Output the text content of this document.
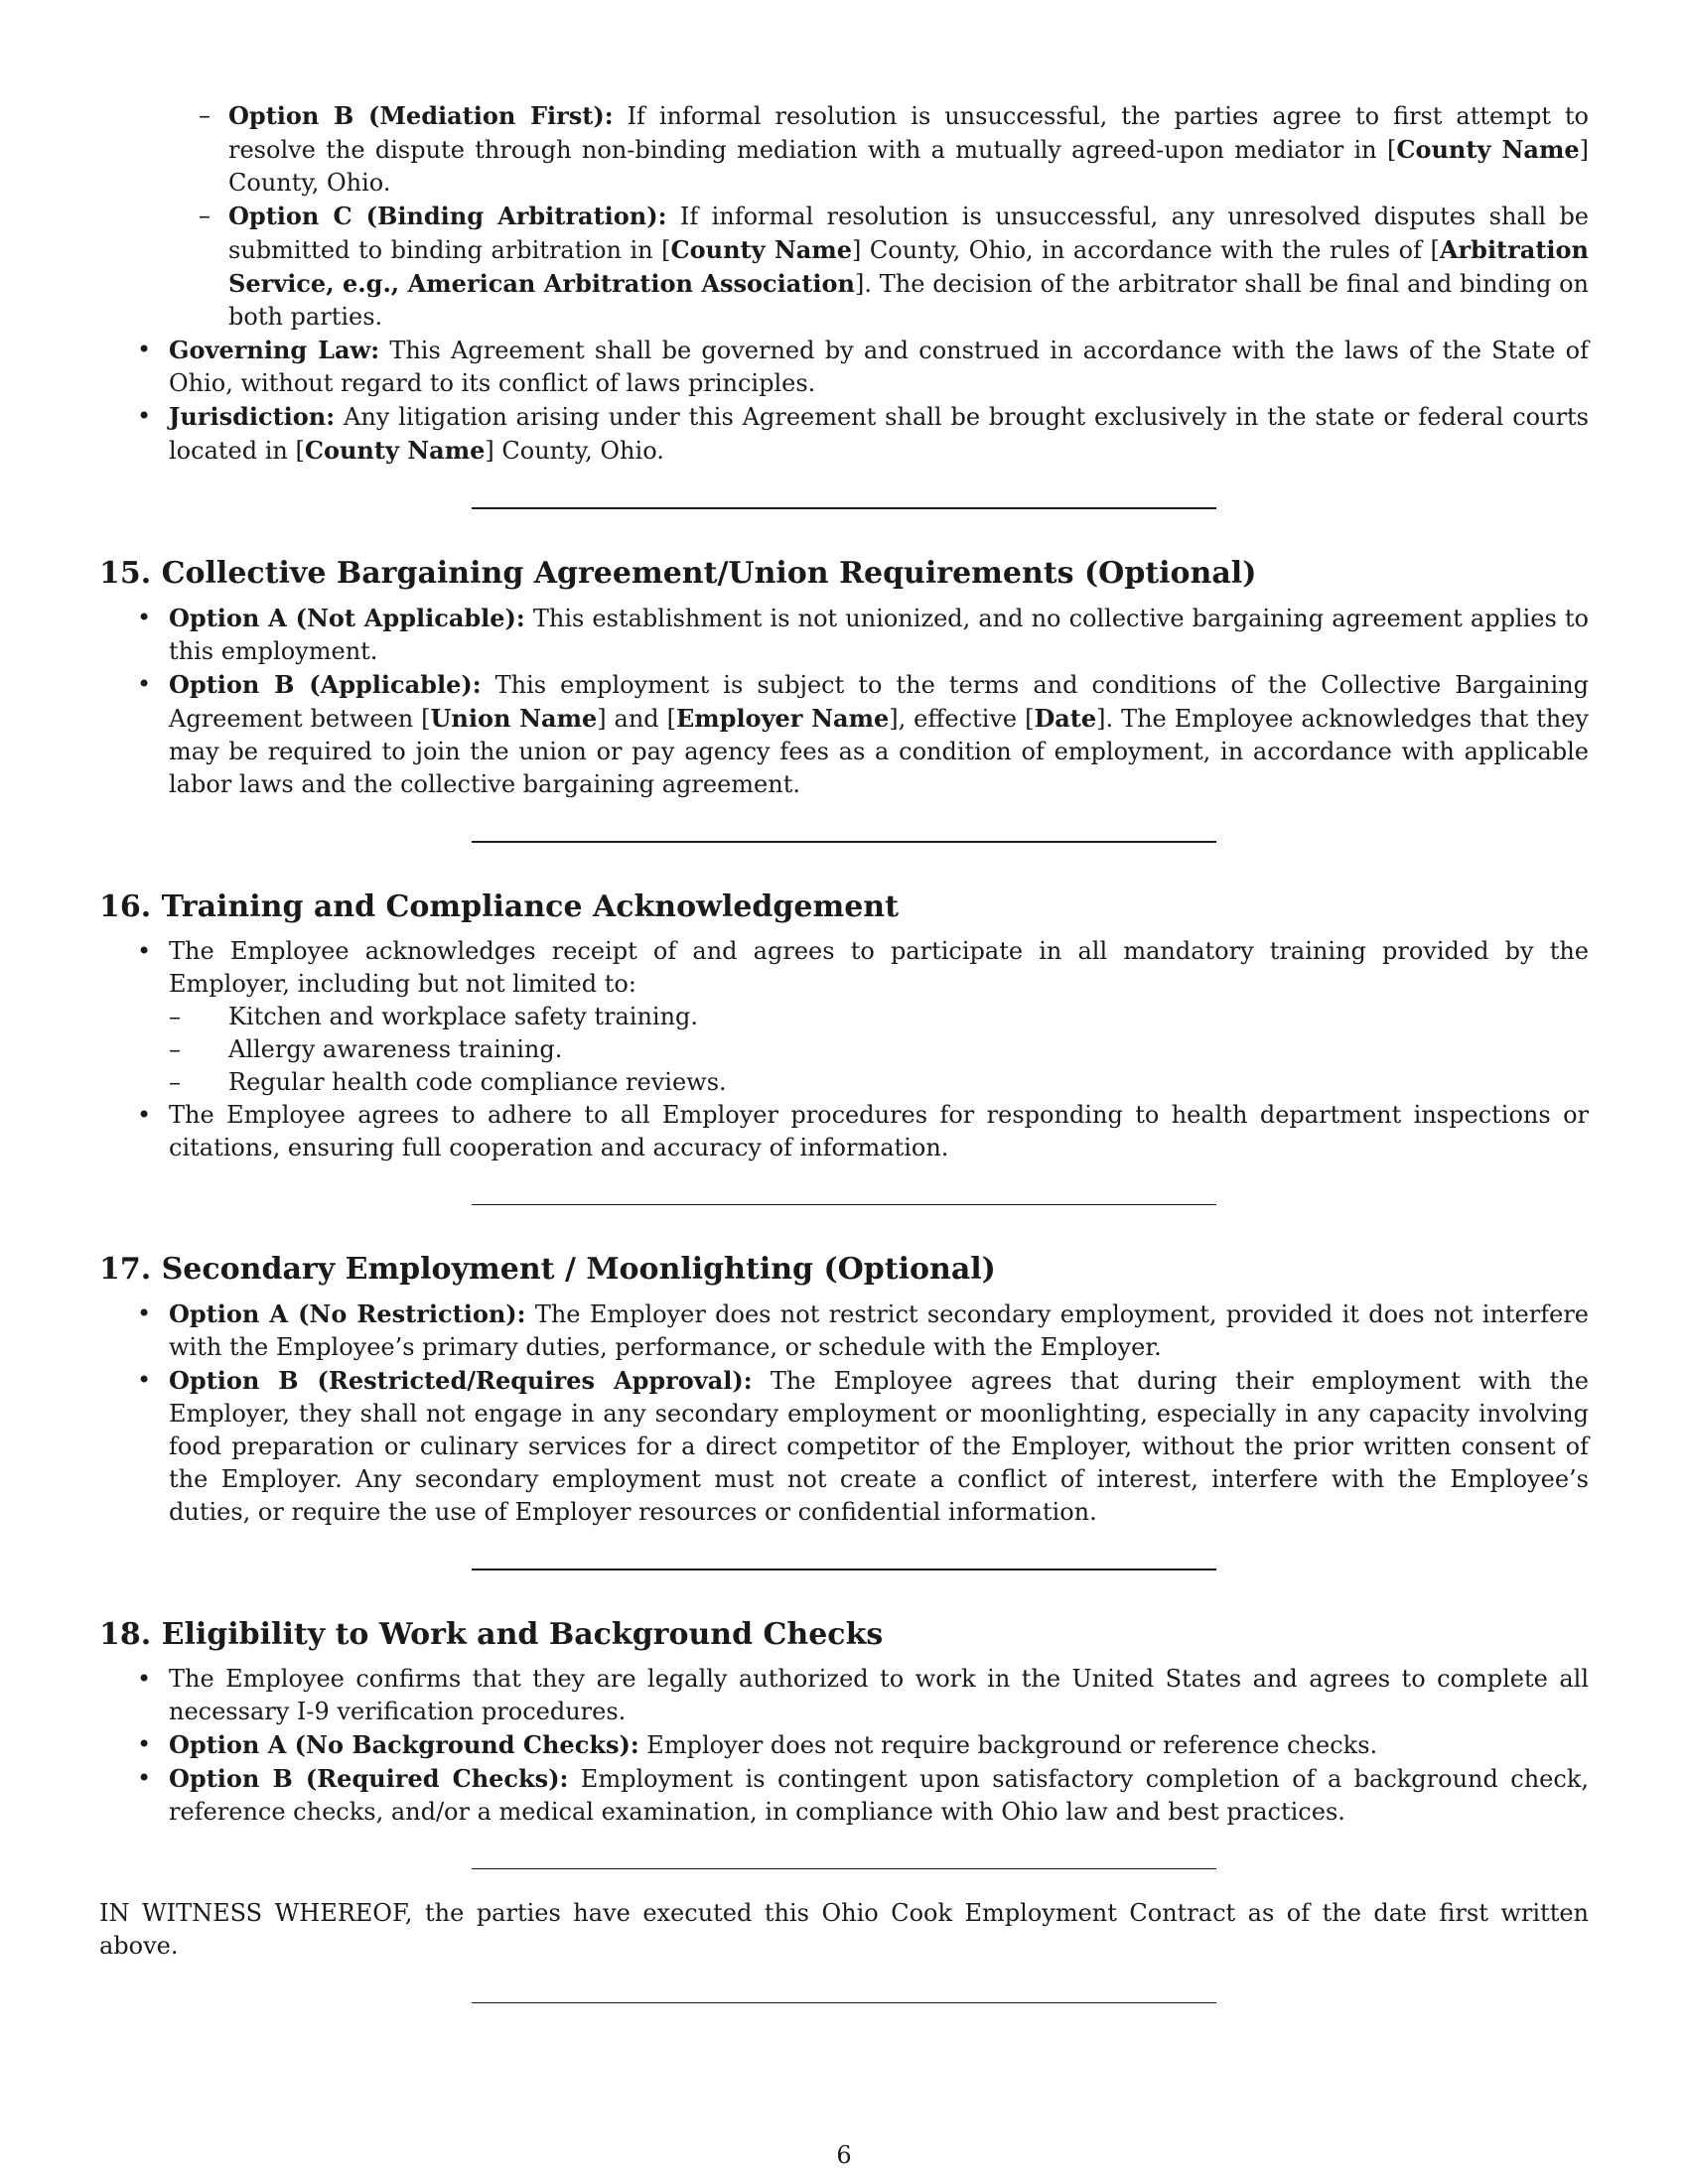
– Option B (Mediation First): If informal resolution is unsuccessful, the parties agree to first attempt to resolve the dispute through non-binding mediation with a mutually agreed-upon mediator in [County Name] County, Ohio.
– Option C (Binding Arbitration): If informal resolution is unsuccessful, any unresolved disputes shall be submitted to binding arbitration in [County Name] County, Ohio, in accordance with the rules of [Arbitration Service, e.g., American Arbitration Association]. The decision of the arbitrator shall be final and binding on both parties.
• Governing Law: This Agreement shall be governed by and construed in accordance with the laws of the State of Ohio, without regard to its conflict of laws principles.
• Jurisdiction: Any litigation arising under this Agreement shall be brought exclusively in the state or federal courts located in [County Name] County, Ohio.
15. Collective Bargaining Agreement/Union Requirements (Optional)
• Option A (Not Applicable): This establishment is not unionized, and no collective bargaining agreement applies to this employment.
• Option B (Applicable): This employment is subject to the terms and conditions of the Collective Bargaining Agreement between [Union Name] and [Employer Name], effective [Date]. The Employee acknowledges that they may be required to join the union or pay agency fees as a condition of employment, in accordance with applicable labor laws and the collective bargaining agreement.
16. Training and Compliance Acknowledgement
• The Employee acknowledges receipt of and agrees to participate in all mandatory training provided by the Employer, including but not limited to:
– Kitchen and workplace safety training.
– Allergy awareness training.
– Regular health code compliance reviews.
• The Employee agrees to adhere to all Employer procedures for responding to health department inspections or citations, ensuring full cooperation and accuracy of information.
17. Secondary Employment / Moonlighting (Optional)
• Option A (No Restriction): The Employer does not restrict secondary employment, provided it does not interfere with the Employee’s primary duties, performance, or schedule with the Employer.
• Option B (Restricted/Requires Approval): The Employee agrees that during their employment with the Employer, they shall not engage in any secondary employment or moonlighting, especially in any capacity involving food preparation or culinary services for a direct competitor of the Employer, without the prior written consent of the Employer. Any secondary employment must not create a conflict of interest, interfere with the Employee’s duties, or require the use of Employer resources or confidential information.
18. Eligibility to Work and Background Checks
• The Employee confirms that they are legally authorized to work in the United States and agrees to complete all necessary I-9 verification procedures.
• Option A (No Background Checks): Employer does not require background or reference checks.
• Option B (Required Checks): Employment is contingent upon satisfactory completion of a background check, reference checks, and/or a medical examination, in compliance with Ohio law and best practices.

IN WITNESS WHEREOF, the parties have executed this Ohio Cook Employment Contract as of the date first written above.

6
